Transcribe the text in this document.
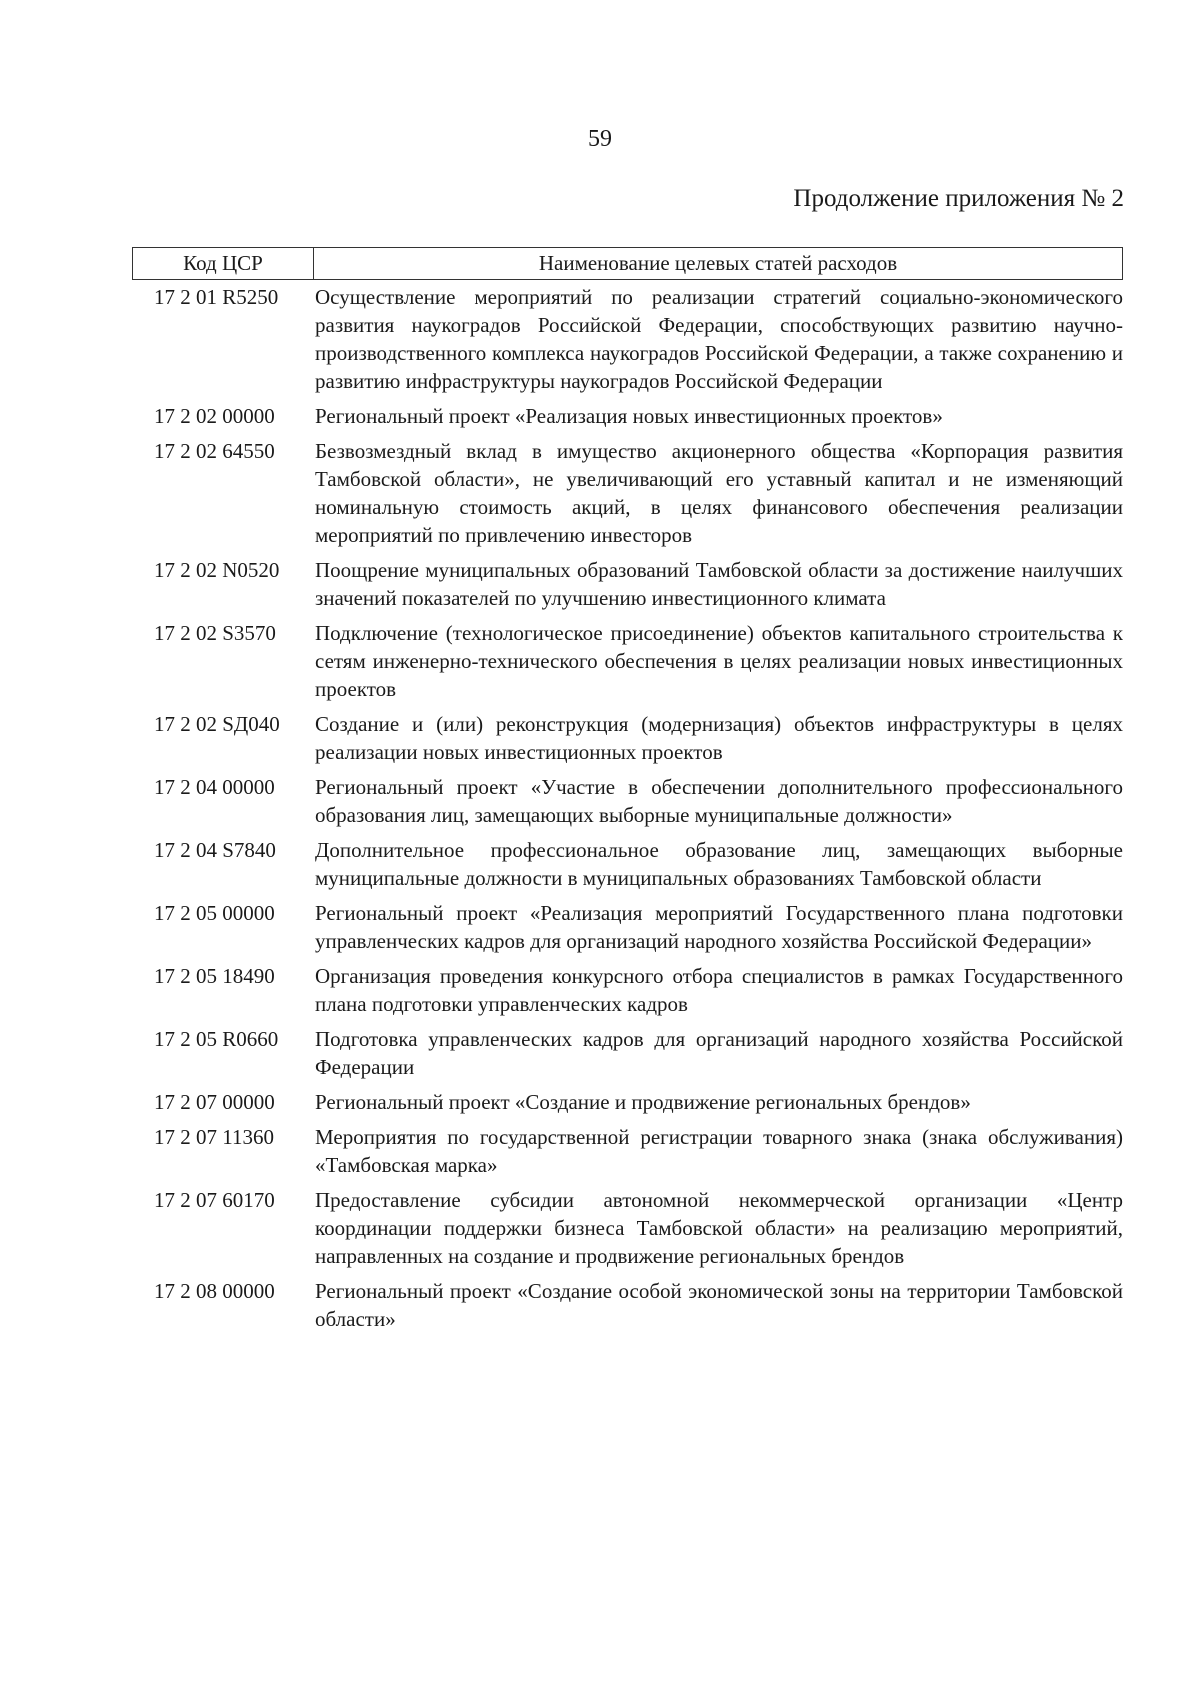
59
Продолжение приложения № 2
Код ЦСР	Наименование целевых статей расходов
17 2 01 R5250	Осуществление мероприятий по реализации стратегий социально-экономического развития наукоградов Российской Федерации, способствующих развитию научно-производственного комплекса наукоградов Российской Федерации, а также сохранению и развитию инфраструктуры наукоградов Российской Федерации
17 2 02 00000	Региональный проект «Реализация новых инвестиционных проектов»
17 2 02 64550	Безвозмездный вклад в имущество акционерного общества «Корпорация развития Тамбовской области», не увеличивающий его уставный капитал и не изменяющий номинальную стоимость акций, в целях финансового обеспечения реализации мероприятий по привлечению инвесторов
17 2 02 N0520	Поощрение муниципальных образований Тамбовской области за достижение наилучших значений показателей по улучшению инвестиционного климата
17 2 02 S3570	Подключение (технологическое присоединение) объектов капитального строительства к сетям инженерно-технического обеспечения в целях реализации новых инвестиционных проектов
17 2 02 SД040	Создание и (или) реконструкция (модернизация) объектов инфраструктуры в целях реализации новых инвестиционных проектов
17 2 04 00000	Региональный проект «Участие в обеспечении дополнительного профессионального образования лиц, замещающих выборные муниципальные должности»
17 2 04 S7840	Дополнительное профессиональное образование лиц, замещающих выборные муниципальные должности в муниципальных образованиях Тамбовской области
17 2 05 00000	Региональный проект «Реализация мероприятий Государственного плана подготовки управленческих кадров для организаций народного хозяйства Российской Федерации»
17 2 05 18490	Организация проведения конкурсного отбора специалистов в рамках Государственного плана подготовки управленческих кадров
17 2 05 R0660	Подготовка управленческих кадров для организаций народного хозяйства Российской Федерации
17 2 07 00000	Региональный проект «Создание и продвижение региональных брендов»
17 2 07 11360	Мероприятия по государственной регистрации товарного знака (знака обслуживания) «Тамбовская марка»
17 2 07 60170	Предоставление субсидии автономной некоммерческой организации «Центр координации поддержки бизнеса Тамбовской области» на реализацию мероприятий, направленных на создание и продвижение региональных брендов
17 2 08 00000	Региональный проект «Создание особой экономической зоны на территории Тамбовской области»
